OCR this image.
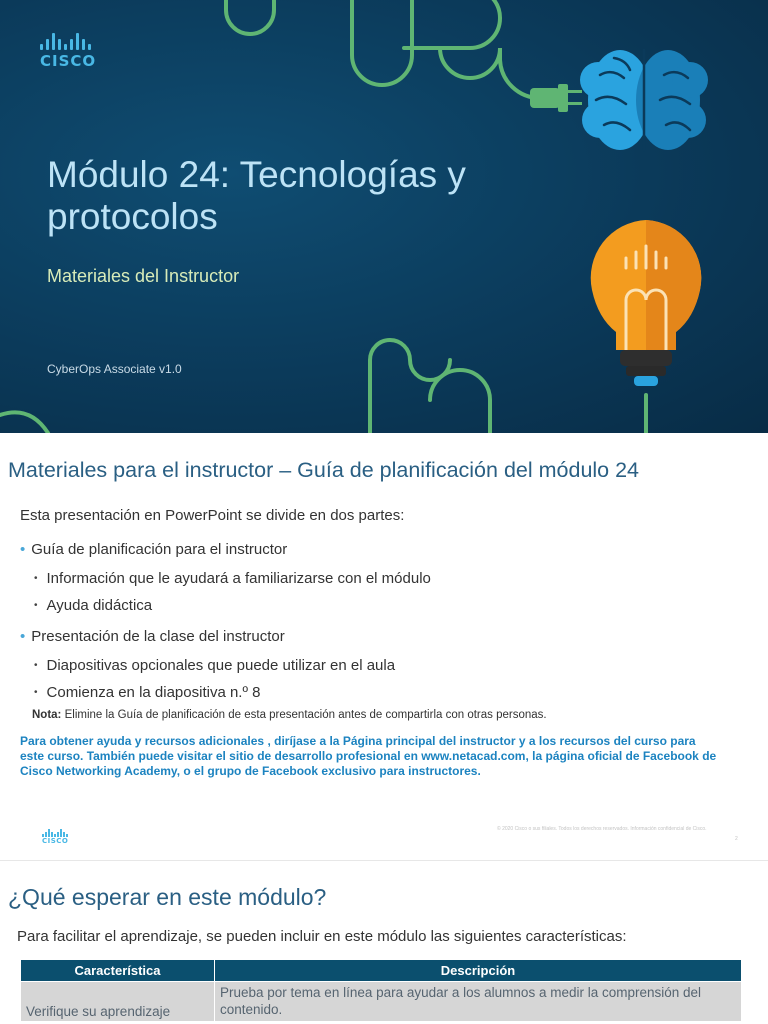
CISCO
Módulo 24: Tecnologías y protocolos
Materiales del Instructor
CyberOps Associate v1.0
Materiales para el instructor – Guía de planificación del módulo 24
Esta presentación en PowerPoint se divide en dos partes:
• Guía de planificación para el instructor
• Información que le ayudará a familiarizarse con el módulo
• Ayuda didáctica
• Presentación de la clase del instructor
• Diapositivas opcionales que puede utilizar en el aula
• Comienza en la diapositiva n.º 8
Nota: Elimine la Guía de planificación de esta presentación antes de compartirla con otras personas.
Para obtener ayuda y recursos adicionales , diríjase a la Página principal del instructor y a los recursos del curso para este curso. También puede visitar el sitio de desarrollo profesional en www.netacad.com, la página oficial de Facebook de Cisco Networking Academy, o el grupo de Facebook exclusivo para instructores.
CISCO
© 2020 Cisco o sus filiales. Todos los derechos reservados. Información confidencial de Cisco.
2
¿Qué esperar en este módulo?
Para facilitar el aprendizaje, se pueden incluir en este módulo las siguientes características:
Característica	Descripción
Verifique su aprendizaje	Prueba por tema en línea para ayudar a los alumnos a medir la comprensión del contenido.
